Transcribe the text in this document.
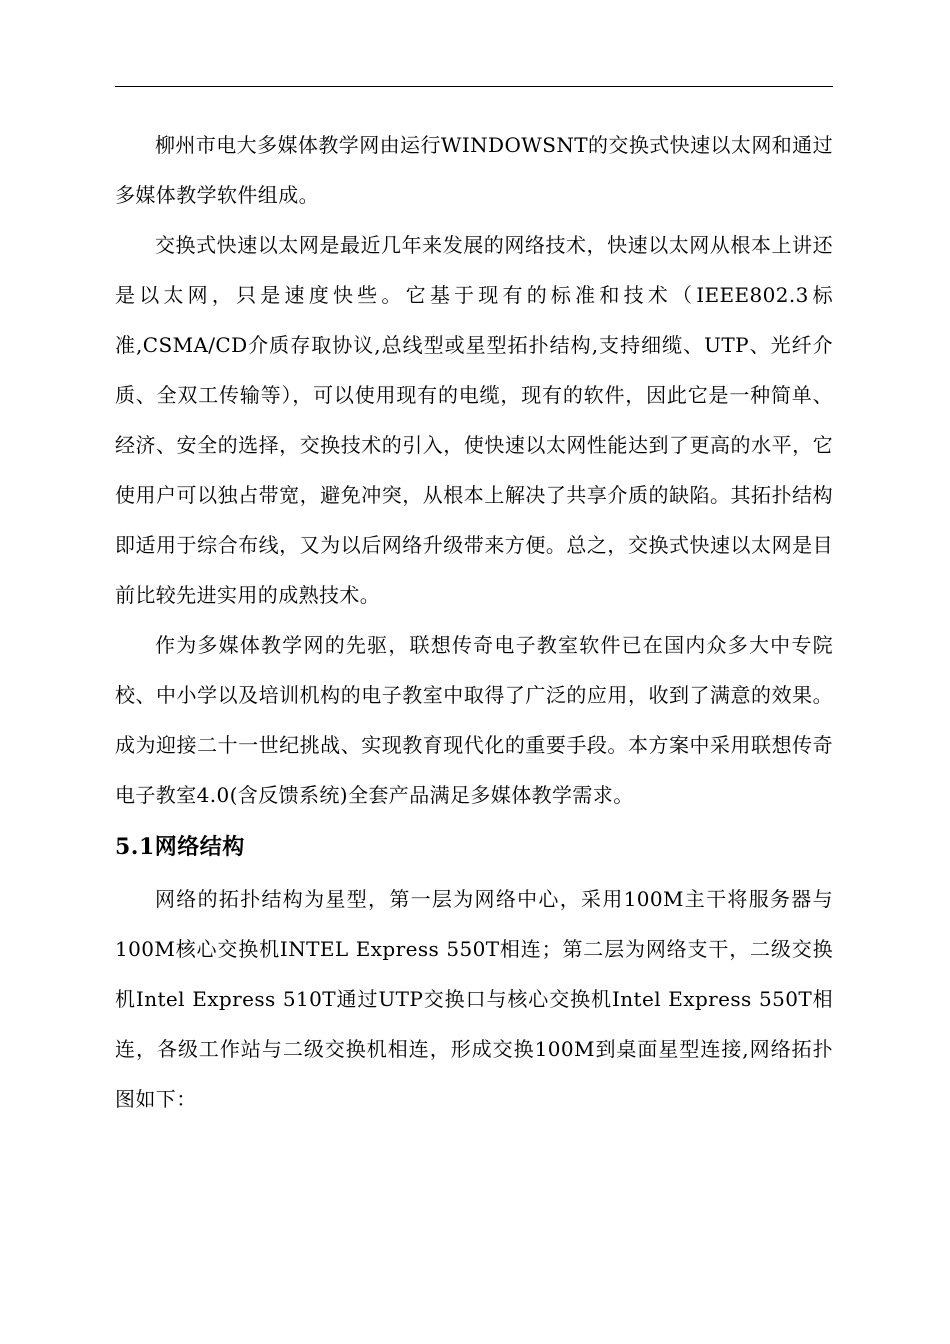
柳州市电大多媒体教学网由运行WINDOWSNT的交换式快速以太网和通过多媒体教学软件组成。

交换式快速以太网是最近几年来发展的网络技术，快速以太网从根本上讲还是以太网，只是速度快些。它基于现有的标准和技术（IEEE802.3标准,CSMA/CD介质存取协议,总线型或星型拓扑结构,支持细缆、UTP、光纤介质、全双工传输等），可以使用现有的电缆，现有的软件，因此它是一种简单、经济、安全的选择，交换技术的引入，使快速以太网性能达到了更高的水平，它使用户可以独占带宽，避免冲突，从根本上解决了共享介质的缺陷。其拓扑结构即适用于综合布线，又为以后网络升级带来方便。总之，交换式快速以太网是目前比较先进实用的成熟技术。

作为多媒体教学网的先驱，联想传奇电子教室软件已在国内众多大中专院校、中小学以及培训机构的电子教室中取得了广泛的应用，收到了满意的效果。成为迎接二十一世纪挑战、实现教育现代化的重要手段。本方案中采用联想传奇电子教室4.0(含反馈系统)全套产品满足多媒体教学需求。

5.1网络结构

网络的拓扑结构为星型，第一层为网络中心，采用100M主干将服务器与100M核心交换机INTEL Express 550T相连；第二层为网络支干，二级交换机Intel Express 510T通过UTP交换口与核心交换机Intel Express 550T相连，各级工作站与二级交换机相连，形成交换100M到桌面星型连接,网络拓扑图如下：
